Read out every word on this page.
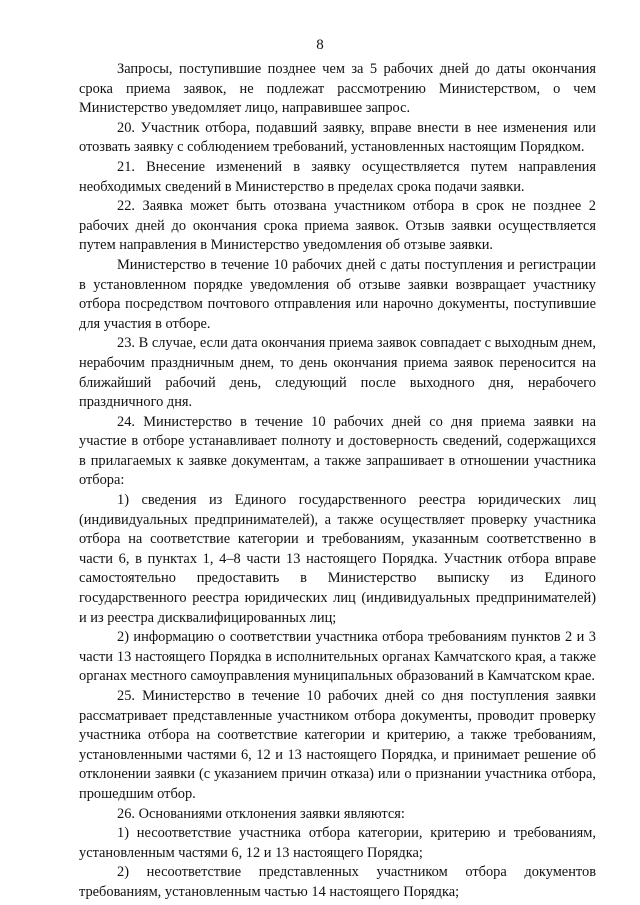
8

Запросы, поступившие позднее чем за 5 рабочих дней до даты окончания срока приема заявок, не подлежат рассмотрению Министерством, о чем Министерство уведомляет лицо, направившее запрос.

20. Участник отбора, подавший заявку, вправе внести в нее изменения или отозвать заявку с соблюдением требований, установленных настоящим Порядком.

21. Внесение изменений в заявку осуществляется путем направления необходимых сведений в Министерство в пределах срока подачи заявки.

22. Заявка может быть отозвана участником отбора в срок не позднее 2 рабочих дней до окончания срока приема заявок. Отзыв заявки осуществляется путем направления в Министерство уведомления об отзыве заявки.

Министерство в течение 10 рабочих дней с даты поступления и регистрации в установленном порядке уведомления об отзыве заявки возвращает участнику отбора посредством почтового отправления или нарочно документы, поступившие для участия в отборе.

23. В случае, если дата окончания приема заявок совпадает с выходным днем, нерабочим праздничным днем, то день окончания приема заявок переносится на ближайший рабочий день, следующий после выходного дня, нерабочего праздничного дня.

24. Министерство в течение 10 рабочих дней со дня приема заявки на участие в отборе устанавливает полноту и достоверность сведений, содержащихся в прилагаемых к заявке документам, а также запрашивает в отношении участника отбора:

1) сведения из Единого государственного реестра юридических лиц (индивидуальных предпринимателей), а также осуществляет проверку участника отбора на соответствие категории и требованиям, указанным соответственно в части 6, в пунктах 1, 4–8 части 13 настоящего Порядка. Участник отбора вправе самостоятельно предоставить в Министерство выписку из Единого государственного реестра юридических лиц (индивидуальных предпринимателей) и из реестра дисквалифицированных лиц;

2) информацию о соответствии участника отбора требованиям пунктов 2 и 3 части 13 настоящего Порядка в исполнительных органах Камчатского края, а также органах местного самоуправления муниципальных образований в Камчатском крае.

25. Министерство в течение 10 рабочих дней со дня поступления заявки рассматривает представленные участником отбора документы, проводит проверку участника отбора на соответствие категории и критерию, а также требованиям, установленными частями 6, 12 и 13 настоящего Порядка, и принимает решение об отклонении заявки (с указанием причин отказа) или о признании участника отбора, прошедшим отбор.

26. Основаниями отклонения заявки являются:

1) несоответствие участника отбора категории, критерию и требованиям, установленным частями 6, 12 и 13 настоящего Порядка;

2) несоответствие представленных участником отбора документов требованиям, установленным частью 14 настоящего Порядка;
